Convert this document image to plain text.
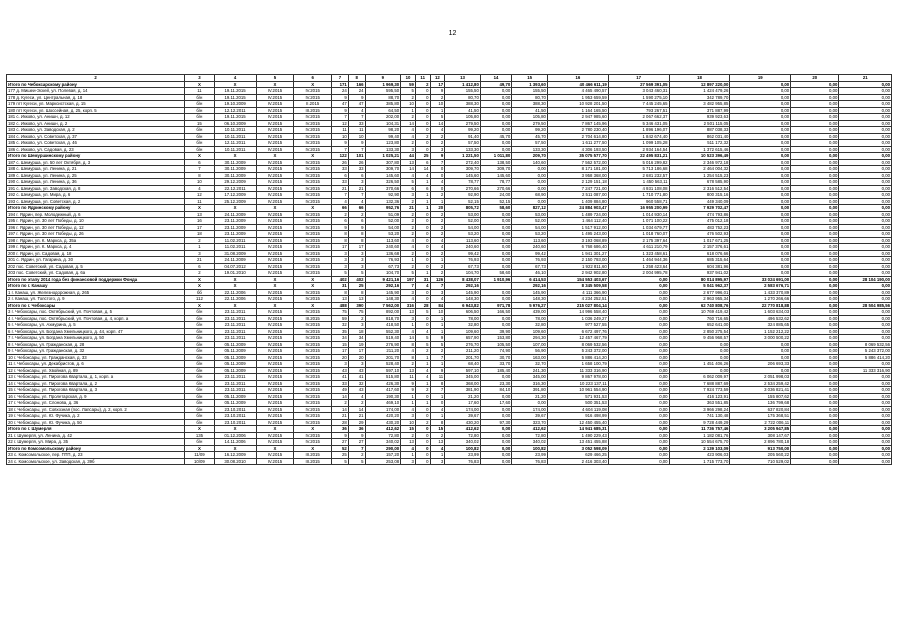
12
2	3	4	5	6	7	8	9	10	11	12	13	14	15	16	17	18	19	20	21
Итого по Чебоксарскому району	X	X	X	X	171	166	1 969,30	59	2	17	1 412,80	49,70	1 393,60	40 466 611,19	27 569 391,05	12 897 220,00	0,00	0,00	0,00
177 д. Мишеи-Эскей, ул. Полевая, д. 14	11	19.11.2015	IV.2015	IV.2015	24	24	595,50	5	0	9	155,50	0,00	155,50	4 465 490,57	3 043 460,31	1 424 479,26	0,00	0,00	0,00
178 д. Кугеси, ул. Центральная, д. 18	б/н	19.11.2015	IV.2015	IV.2015	9	9	88,70	2	0	2	80,70	0,00	80,70	1 953 659,59	1 590 275,10	342 789,70	0,00	0,00	0,00
179 пгт Кугеси, ул. Марксистская, д. 15	б/н	19.10.2009	IV.2015	II.2015	47	47	385,80	10	0	10	388,30	0,00	388,30	10 928 201,50	7 445 245,65	3 482 955,85	0,00	0,00	0,00
180 пгт Кугеси, ул. Шоссейная, д. 25, корп. 5	б/н	12.12.2011	IV.2015	III.2015	9	4	64,50	1	0	1	41,50	0,00	41,50	1 164 165,50	793 267,51	371 887,99	0,00	0,00	0,00
181 с. Икково, ул. Анишн, д. 12	б/н	19.11.2015	IV.2015	IV.2015	7	7	202,00	2	0	5	105,80	0,00	105,80	2 947 985,60	2 067 662,37	939 923,63	0,00	0,00	0,00
182 с. Икково, ул. Анишн, д. 2	15	06.10.2009	IV.2015	IV.2015	12	33	104,31	14	0	14	279,50	0,00	279,50	7 867 145,96	5 346 431,05	2 501 115,05	0,00	0,00	0,00
183 с. Икково, ул. Заводская, д. 2	б/н	10.11.2011	IV.2015	IV.2015	11	11	98,20	4	0	4	99,20	0,00	99,20	2 780 230,40	1 896 196,07	887 038,33	0,00	0,00	0,00
184 с. Икково, ул. Советская, д. 37	б/н	10.11.2011	IV.2015	IV.2015	10	10	99,40	4	2	2	91,40	45,70	45,70	2 704 614,80	1 842 674,40	862 031,40	0,00	0,00	0,00
185 с. Икково, ул. Советская, д. 46	б/н	12.11.2011	IV.2015	IV.2015	9	9	123,80	2	0	2	57,50	0,00	57,50	1 611 277,50	1 099 105,28	511 172,32	0,00	0,00	0,00
186 с. Икково, ул. Садовая, д. 23	б/н	10.11.2011	IV.2015	IV.2015	7	7	133,30	3	0	3	133,30	0,00	133,30	4 306 193,50	2 934 164,54	1 372 615,46	0,00	0,00	0,00
Итого по Шемуршинскому району	X	X	X	X	122	101	1 025,21	44	25	9	1 221,50	1 011,80	209,70	35 075 577,70	22 495 831,21	10 523 396,49	0,00	0,00	0,00
187 с. Шемурша, ул. 50 лет Октября, д. 3	6	30.11.2009	IV.2015	IV.2015	26	26	307,80	13	6	7	272,40	138,50	140,60	7 562 572,00	5 016 299,82	2 346 972,18	0,00	0,00	0,00
188 с. Шемурша, ул. Ленина, д. 21	7	30.11.2009	IV.2015	IV.2015	33	33	309,70	14	14	0	309,70	309,70	0,00	8 171 181,00	5 713 186,68	2 464 004,32	0,00	0,00	0,00
189 с. Шемурша, ул. Ленина, д. 25	8	30.11.2009	IV.2015	IV.2015	6	6	145,60	4	4	0	145,60	145,60	0,00	3 958 368,00	2 681 232,57	1 254 515,23	0,00	0,00	0,00
190 с. Шемурша, ул. Ленина, д. 36	10	29.12.2009	IV.2015	IV.2015	33	3	326,50	5	1	4	78,77	78,77	0,00	2 129 151,18	1 450 563,11	678 585,90	0,00	0,00	0,00
191 с. Шемурша, ул. Заводская, д. 8	4	22.12.2011	IV.2015	IV.2015	21	21	370,66	6	6	0	270,66	270,66	0,00	7 247 721,00	4 931 108,08	2 316 512,54	0,00	0,00	0,00
192 с. Шемурша, ул. Мира, д. 6	12	17.12.2009	IV.2015	IV.2015	7	7	92,90	3	1	2	92,90	24,00	68,90	2 511 087,00	1 710 771,80	800 315,16	0,00	0,00	0,00
193 с. Шемурша, ул. Советская, д. 2	11	25.12.2009	IV.2015	IV.2015	4	4	132,36	2	1	1	52,15	52,15	0,00	1 409 884,80	960 558,71	449 340,09	0,00	0,00	0,00
Итого по Ядринскому району	X	X	X	X	66	66	952,76	21	1	20	805,72	58,60	827,12	24 884 903,47	16 955 200,99	7 929 702,47	0,00	0,00	0,00
194 г. Ядрин, пер. Молодежный, д. 6	13	24.11.2009	IV.2015	IV.2015	2	2	51,09	2	0	2	53,00	0,00	53,00	1 489 724,00	1 014 930,14	474 793,86	0,00	0,00	0,00
195 г. Ядрин, ул. 30 лет Победы, д. 10	16	23.11.2009	IV.2015	IV.2015	6	6	52,00	2	0	2	52,00	0,00	52,00	1 464 112,40	1 071 100,22	475 012,18	0,00	0,00	0,00
196 г. Ядрин, ул. 30 лет Победы, д. 12	17	23.11.2009	IV.2015	IV.2015	9	9	54,00	2	0	2	54,00	0,00	54,00	1 517 912,00	1 034 679,77	483 752,23	0,00	0,00	0,00
197 г. Ядрин, ул. 30 лет Победы, д. 26	18	23.11.2009	IV.2015	IV.2015	8	8	53,20	2	0	2	53,20	0,00	53,20	1 495 243,00	1 018 760,07	476 502,93	0,00	0,00	0,00
198 г. Ядрин, ул. К. Маркса, д. 35а	2	11.02.2011	IV.2015	IV.2015	8	8	113,60	4	0	4	113,60	0,00	113,60	3 193 068,89	2 175 397,64	1 017 671,25	0,00	0,00	0,00
199 г. Ядрин, ул. К. Маркса, д. 4	1	11.02.2011	IV.2015	IV.2015	17	17	240,60	4	0	4	240,60	0,00	240,60	6 768 686,40	4 611 210,79	2 157 376,61	0,00	0,00	0,00
200 г. Ядрин, ул. Садовая, д. 18	3	31.08.2009	IV.2015	IV.2015	3	3	136,68	2	0	2	99,42	0,00	99,42	1 941 301,27	1 323 458,61	618 076,66	0,00	0,00	0,00
201 с. Ядрин, ул. Гагарина, д. 30	21	24.11.2009	IV.2015	IV.2015	3	3	76,93	1	0	1	76,93	0,00	76,93	2 150 793,00	1 464 944,36	685 315,64	0,00	0,00	0,00
202 пос. Советский, ул. Садовая, д. 5	6	04.07.2012	IV.2015	IV.2015	3	3	67,73	2	0	2	67,73	0,00	67,73	1 922 811,60	1 258 423,64	604 381,96	0,00	0,00	0,00
203 пос. Советский, ул. Садовая, д. 6а	2	19.01.2010	IV.2015	IV.2015	5	5	104,70	5	1	2	104,70	58,60	46,10	2 942 902,80	2 004 995,78	937 941,02	0,00	0,00	0,00
Итого по этапу 2014 года без финансовой поддержки Фонда	X	X	X	X	402	402	9 421,16	197	31	126	8 438,07	1 910,96	6 414,53	154 553 403,67	0,00	80 014 895,97	33 024 691,00	0,00	28 104 190,00
Итого по г. Канашу	X	X	X	X	31	25	292,16	7	4	7	292,16		292,16	8 345 509,58	0,00	5 041 962,37	2 583 676,71	0,00	0,00
1 г. Канаш, ул. Железнодорожная, д. 265	бб	22.11.2006	IV.2015	IV.2015	8	8	145,90	3	0	3	145,90	0,00	145,90	4 111 366,90	0,00	2 677 996,01	1 433 370,89	0,00	0,00
2 г. Канаш, ул. Толстого, д. 9	112	22.11.2006	IV.2015	IV.2015	13	13	148,30	4	0	4	148,30	0,00	148,30	4 234 252,51	0,00	2 963 955,34	1 270 266,66	0,00	0,00
Итого по г. Чебоксары	X	X	X	X	488	390	7 562,00	316	28	84	6 943,82	971,78	5 976,27	215 027 804,14	0,00	62 740 808,76	22 770 818,88	0,00	28 504 985,56
3 г. Чебоксары, пос. Октябрьский, ул. Почтовая, д. 5	б/н	23.11.2011	IV.2015	IV.2015	75	75	892,00	13	5	10	606,50	166,50	439,00	14 996 558,40	0,00	10 769 419,42	1 603 634,03	0,00	0,00
4 г. Чебоксары, пос. Октябрьский, ул. Почтовая, д. 4, корп. а	б/н	23.11.2011	IV.2015	III.2015	59	2	818,70	3	0	1	78,00	0,00	78,00	1 036 249,27	0,00	760 716,65	496 532,62	0,00	0,00
5 г. Чебоксары, ул. Ахмурина, д. 5	б/н	23.11.2011	IV.2015	IV.2015	32	3	418,50	1	0	1	32,80	0,00	32,80	977 527,55	0,00	652 641,00	324 885,65	0,00	0,00
6 г. Чебоксары, ул. Богдана Хмельницкого, д. 44, корп. 47	б/н	23.11.2011	IV.2015	IV.2015	35	18	552,30	4	4	1	109,60	39,90	109,60	6 672 497,76	0,00	2 850 275,54	1 152 212,22	0,00	0,00
7 г. Чебоксары, ул. Богдана Хмельницкого, д. 50	б/н	23.11.2011	IV.2015	IV.2015	34	34	519,40	14	5	9	657,90	153,80	294,30	12 457 467,79	0,00	9 456 968,57	3 000 500,22	0,00	0,00
8 г. Чебоксары, ул. Гражданская, д. 28	б/н	05.11.2009	IV.2015	IV.2015	15	19	276,90	8	5	5	276,70	105,50	107,00	8 069 532,56	0,00	0,00	0,00	0,00	8 069 532,56
9 г. Чебоксары, ул. Гражданская, д. 32	б/н	05.11.2009	IV.2015	IV.2015	17	17	211,20	4	2	2	211,20	74,90	56,90	5 243 372,00	0,00	0,00	0,00	0,00	5 243 372,00
10 г. Чебоксары, ул. Гражданская, д. 33	б/н	05.11.2009	IV.2015	IV.2015	20	20	201,70	8	1	7	201,70	30,70	163,00	5 886 414,20	0,00	0,00	0,00	0,00	5 886 414,20
11 г. Чебоксары, ул. Декабристов, д. 6	б/н	05.11.2009	IV.2015	IV.2015	3	3	528,40	2	1	1	68,40	33,70	32,70	1 658 100,79	0,00	1 451 406,26	206 693,33	0,00	0,00
12 г. Чебоксары, ул. Хвойная, д. 89	б/н	05.11.2009	IV.2015	IV.2015	43	43	597,10	13	4	9	597,10	185,40	241,30	11 333 316,90	0,00	0,00	0,00	0,00	11 333 316,90
13 г. Чебоксары, ул. Пирогова Квартала, д. 1, корп. а	б/н	23.11.2011	IV.2015	IV.2015	41	41	515,80	11	4	11	345,00	0,00	345,00	9 867 978,00	0,00	6 062 009,97	2 051 998,03	0,00	0,00
14 г. Чебоксары, ул. Пирогова Квартала, д. 2	б/н	23.11.2011	IV.2015	IV.2015	33	32	426,30	9	1	8	368,00	23,30	316,30	10 223 137,11	0,00	7 688 887,69	2 534 259,42	0,00	0,00
15 г. Чебоксары, ул. Пирогова Квартала, д. 3	б/н	23.11.2011	IV.2015	IV.2015	49	43	417,60	9	2	7	381,90	84,10	391,80	10 961 554,90	0,00	7 924 773,59	3 036 821,41	0,00	0,00
16 г. Чебоксары, ул. Пролетарская, д. 9	б/н	05.11.2009	IV.2015	IV.2015	14	4	190,30	1	0	1	21,20	0,00	21,20	571 931,53	0,00	416 123,91	155 807,62	0,00	0,00
17 г. Чебоксары, ул. Слонова, д. 36	б/н	05.11.2009	IV.2015	IV.2015	2	2	469,10	1	1	0	17,60	17,60	0,00	500 351,53	0,00	363 551,85	136 799,68	0,00	0,00
18 г. Чебоксары, ул. Совхозная (пос. Лапсары), д. 2, корп. 2	б/н	23.10.2011	IV.2015	IV.2015	14	14	174,00	4	0	4	174,00	0,00	174,00	4 604 119,08	0,00	3 966 298,24	637 820,84	0,00	0,00
19 г. Чебоксары, ул. Ю. Фучика, д. 2	б/н	23.10.2011	IV.2015	IV.2015	21	21	420,20	3	0	1	39,67	0,00	39,67	916 498,99	0,00	741 130,48	175 368,51	0,00	0,00
20 г. Чебоксары, ул. Ю. Фучика, д. 50	б/н	23.10.2011	IV.2015	IV.2015	28	29	430,20	10	2	8	430,20	97,30	323,70	12 450 455,40	0,00	9 728 449,29	2 722 006,11	0,00	0,00
Итого по г. Шумерля	X	X	X	X	36	36	412,62	15	0	15	412,62	0,00	412,62	14 941 685,31	0,00	11 736 757,46	3 205 947,85	0,00	0,00
21 г. Шумерля, ул. Ленина, д. 42	135	01.12.2006	IV.2015	IV.2015	9	9	72,80	2	0	2	72,80	0,00	72,80	1 490 229,43	0,00	1 182 081,76	308 147,67	0,00	0,00
22 г. Шумерля, ул. Мира, д. 35	б/н	14.11.2006	IV.2015	IV.2015	27	27	340,02	13	0	13	340,02	0,00	340,02	13 451 455,88	0,00	10 554 675,70	2 896 780,18	0,00	0,00
Итого по Комсомольскому району	X	X	X	X	52	7	290,00	4	0	4	100,82	0,00	100,82	3 052 598,09	0,00	2 139 103,09	913 750,00	0,00	0,00
23 с. Комсомольское, пер. ПТП, д. 23	11/09	16.12.2009	IV.2015	III.2015	25	2	157,20	1	0	1	23,99	0,00	23,99	629 466,25	0,00	423 906,03	205 560,22	0,00	0,00
24 с. Комсомольское, ул. Заводская, д. 39б	10/09	30.08.2010	IV.2015	III.2015	5	5	253,08	3	0	3	76,83	0,00	76,83	2 416 303,40	0,00	1 715 773,70	710 529,02	0,00	0,00
